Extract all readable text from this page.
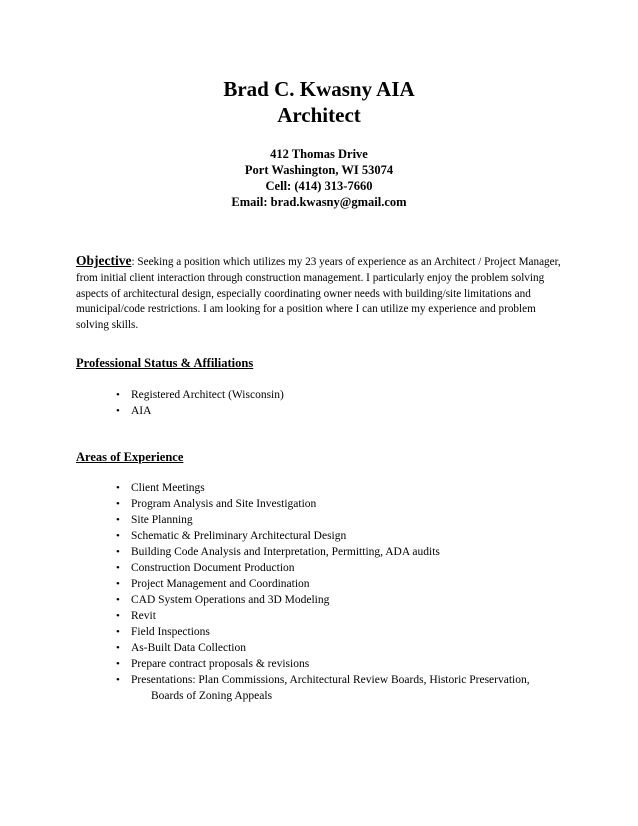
Brad C. Kwasny AIA
Architect
412 Thomas Drive
Port Washington, WI 53074
Cell: (414) 313-7660
Email: brad.kwasny@gmail.com
Objective: Seeking a position which utilizes my 23 years of experience as an Architect / Project Manager, from initial client interaction through construction management. I particularly enjoy the problem solving aspects of architectural design, especially coordinating owner needs with building/site limitations and municipal/code restrictions. I am looking for a position where I can utilize my experience and problem solving skills.
Professional Status & Affiliations
• Registered Architect (Wisconsin)
• AIA
Areas of Experience
• Client Meetings
• Program Analysis and Site Investigation
• Site Planning
• Schematic & Preliminary Architectural Design
• Building Code Analysis and Interpretation, Permitting, ADA audits
• Construction Document Production
• Project Management and Coordination
• CAD System Operations and 3D Modeling
• Revit
• Field Inspections
• As-Built Data Collection
• Prepare contract proposals & revisions
• Presentations: Plan Commissions, Architectural Review Boards, Historic Preservation,
Boards of Zoning Appeals
